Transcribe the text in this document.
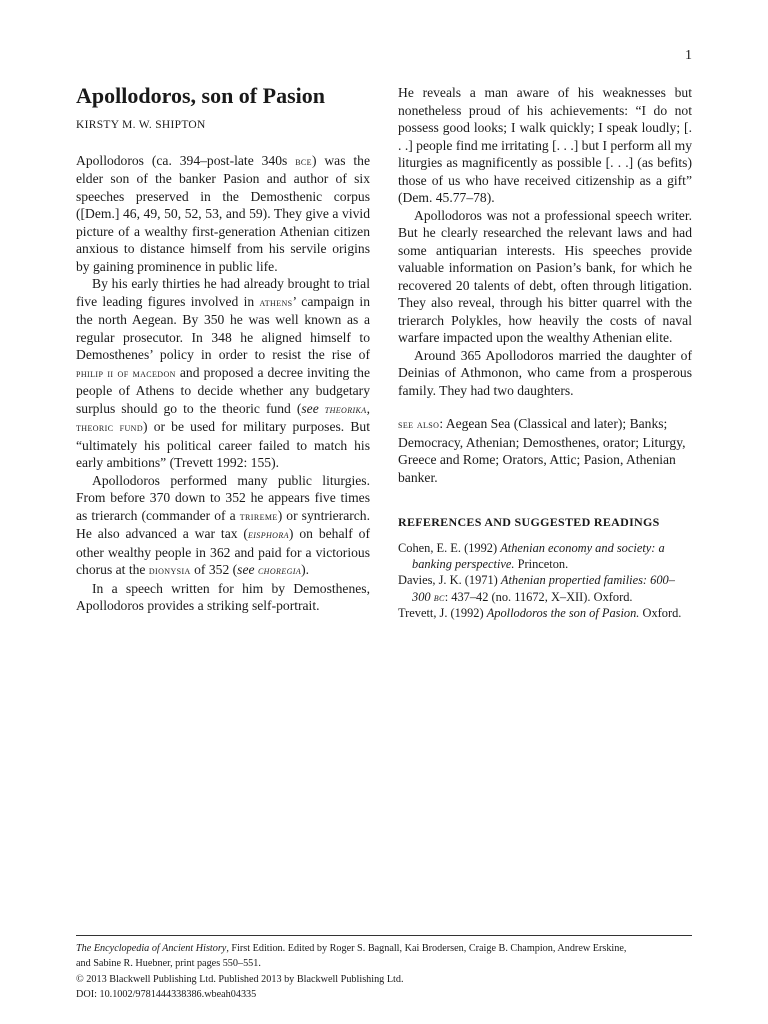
1
Apollodoros, son of Pasion
KIRSTY M. W. SHIPTON

Apollodoros (ca. 394–post-late 340s bce) was the elder son of the banker Pasion and author of six speeches preserved in the Demosthenic corpus ([Dem.] 46, 49, 50, 52, 53, and 59). They give a vivid picture of a wealthy first-generation Athenian citizen anxious to distance himself from his servile origins by gaining prominence in public life.

By his early thirties he had already brought to trial five leading figures involved in athens’ campaign in the north Aegean. By 350 he was well known as a regular prosecutor. In 348 he aligned himself to Demosthenes’ policy in order to resist the rise of philip ii of macedon and proposed a decree inviting the people of Athens to decide whether any budgetary surplus should go to the theoric fund (see theorika, theoric fund) or be used for military purposes. But “ultimately his political career failed to match his early ambitions” (Trevett 1992: 155).

Apollodoros performed many public liturgies. From before 370 down to 352 he appears five times as trierarch (commander of a trireme) or syntrierarch. He also advanced a war tax (eisphora) on behalf of other wealthy people in 362 and paid for a victorious chorus at the dionysia of 352 (see choregia).

In a speech written for him by Demosthenes, Apollodoros provides a striking self-portrait.

He reveals a man aware of his weaknesses but nonetheless proud of his achievements: “I do not possess good looks; I walk quickly; I speak loudly; [. . .] people find me irritating [. . .] but I perform all my liturgies as magnificently as possible [. . .] (as befits) those of us who have received citizenship as a gift” (Dem. 45.77–78).

Apollodoros was not a professional speech writer. But he clearly researched the relevant laws and had some antiquarian interests. His speeches provide valuable information on Pasion’s bank, for which he recovered 20 talents of debt, often through litigation. They also reveal, through his bitter quarrel with the trierarch Polykles, how heavily the costs of naval warfare impacted upon the wealthy Athenian elite.

Around 365 Apollodoros married the daughter of Deinias of Athmonon, who came from a prosperous family. They had two daughters.

see also: Aegean Sea (Classical and later); Banks; Democracy, Athenian; Demosthenes, orator; Liturgy, Greece and Rome; Orators, Attic; Pasion, Athenian banker.

REFERENCES AND SUGGESTED READINGS
Cohen, E. E. (1992) Athenian economy and society: a banking perspective. Princeton.
Davies, J. K. (1971) Athenian propertied families: 600–300 bc: 437–42 (no. 11672, X–XII). Oxford.
Trevett, J. (1992) Apollodoros the son of Pasion. Oxford.
The Encyclopedia of Ancient History, First Edition. Edited by Roger S. Bagnall, Kai Brodersen, Craige B. Champion, Andrew Erskine,
and Sabine R. Huebner, print pages 550–551.
© 2013 Blackwell Publishing Ltd. Published 2013 by Blackwell Publishing Ltd.
DOI: 10.1002/9781444338386.wbeah04335
